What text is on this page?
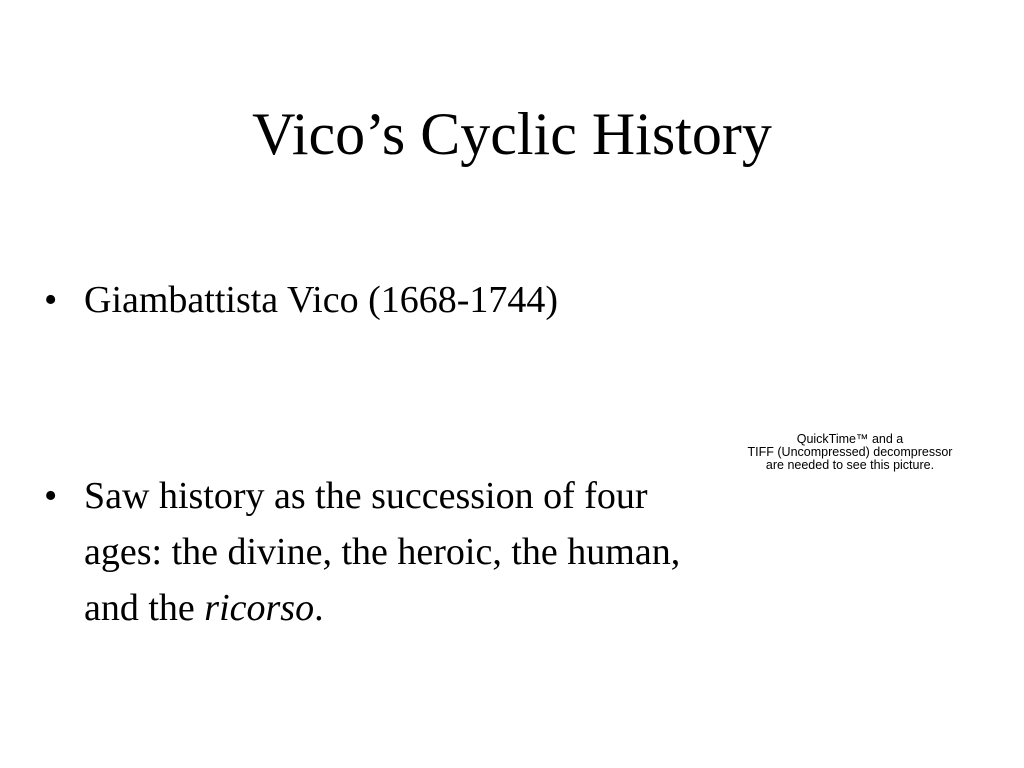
Vico’s Cyclic History
• Giambattista Vico (1668-1744)
• Saw history as the succession of four ages: the divine, the heroic, the human, and the ricorso.
QuickTime™ and a
TIFF (Uncompressed) decompressor
are needed to see this picture.
